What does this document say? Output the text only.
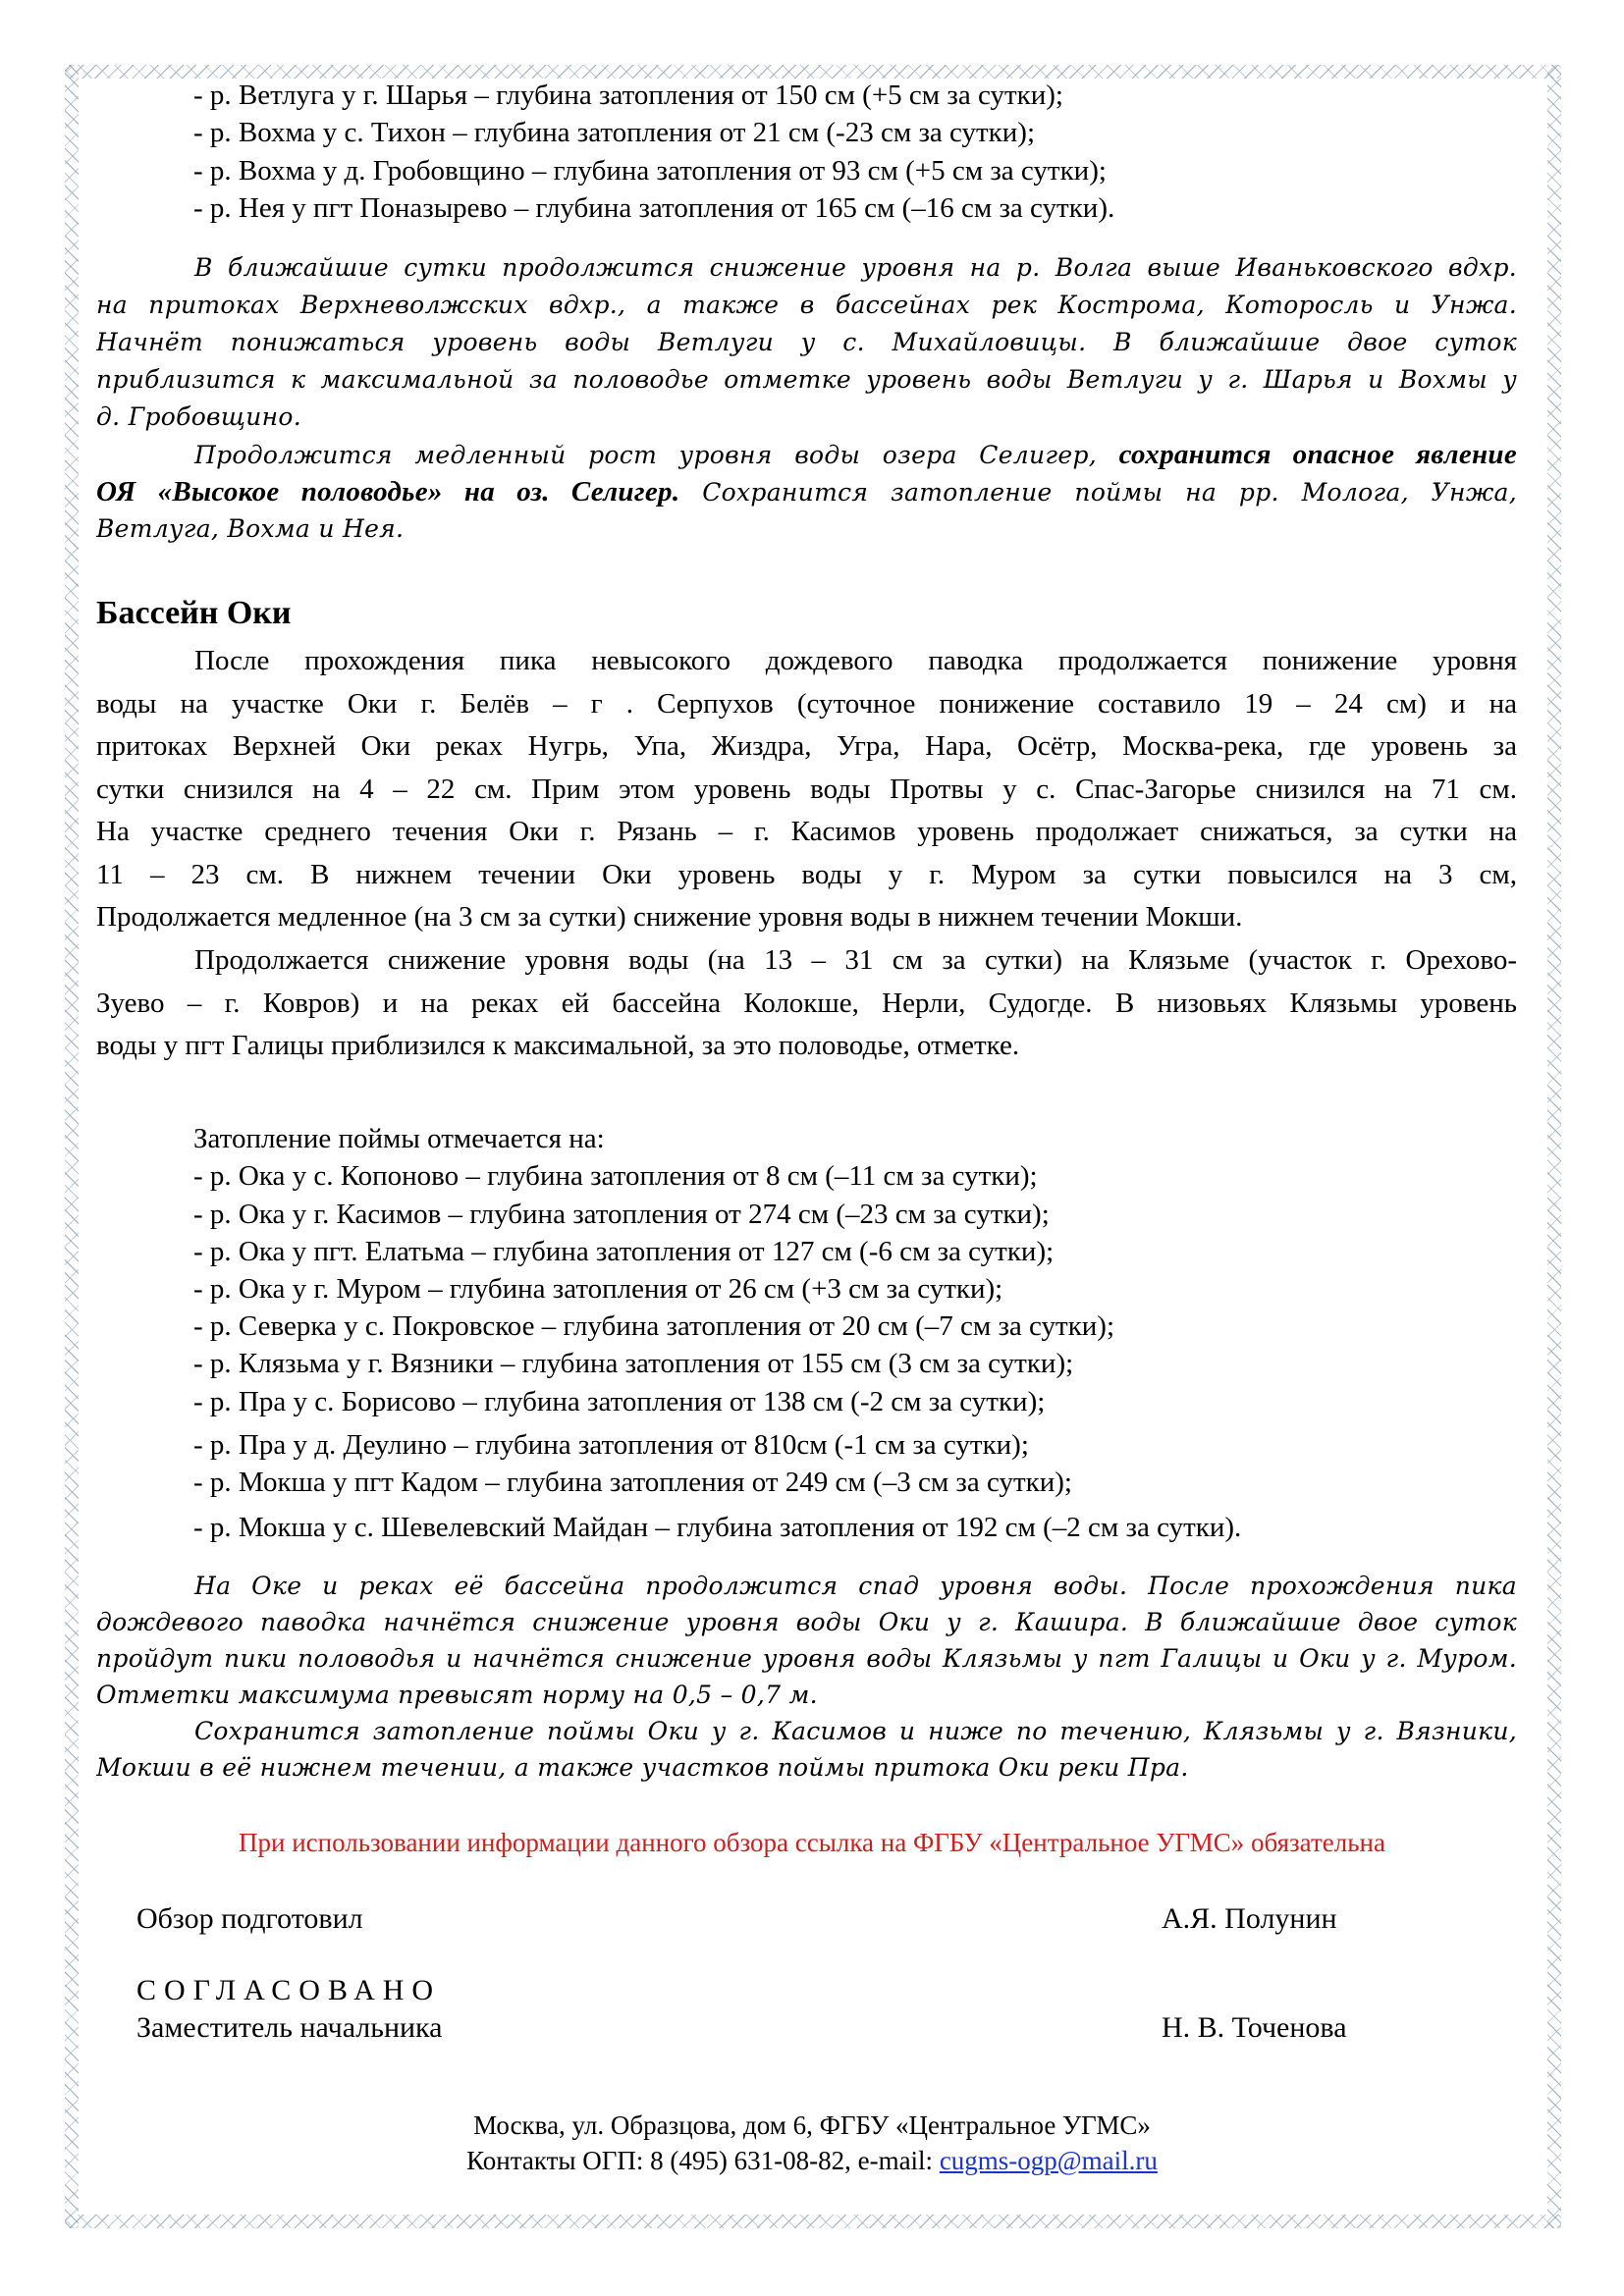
- р. Ветлуга у г. Шарья – глубина затопления от 150 см (+5 см за сутки);
- р. Вохма у с. Тихон – глубина затопления от 21 см (-23 см за сутки);
- р. Вохма у д. Гробовщино – глубина затопления от 93 см (+5 см за сутки);
- р. Нея у пгт Поназырево – глубина затопления от 165 см (–16 см за сутки).
В ближайшие сутки продолжится снижение уровня на р. Волга выше Иваньковского вдхр.
на притоках Верхневолжских вдхр., а также в бассейнах рек Кострома, Которосль и Унжа.
Начнёт понижаться уровень воды Ветлуги у с. Михайловицы. В ближайшие двое суток
приблизится к максимальной за половодье отметке уровень воды Ветлуги у г. Шарья и Вохмы у
д. Гробовщино.
Продолжится медленный рост уровня воды озера Селигер, сохранится опасное явление
ОЯ «Высокое половодье» на оз. Селигер. Сохранится затопление поймы на рр. Молога, Унжа,
Ветлуга, Вохма и Нея.
Бассейн Оки
После прохождения пика невысокого дождевого паводка продолжается понижение уровня
воды на участке Оки г. Белёв – г . Серпухов (суточное понижение составило 19 – 24 см) и на
притоках Верхней Оки реках Нугрь, Упа, Жиздра, Угра, Нара, Осётр, Москва-река, где уровень за
сутки снизился на 4 – 22 см. Прим этом уровень воды Протвы у с. Спас-Загорье снизился на 71 см.
На участке среднего течения Оки г. Рязань – г. Касимов уровень продолжает снижаться, за сутки на
11 – 23 см. В нижнем течении Оки уровень воды у г. Муром за сутки повысился на 3 см,
Продолжается медленное (на 3 см за сутки) снижение уровня воды в нижнем течении Мокши.
Продолжается снижение уровня воды (на 13 – 31 см за сутки) на Клязьме (участок г. Орехово-
Зуево – г. Ковров) и на реках ей бассейна Колокше, Нерли, Судогде. В низовьях Клязьмы уровень
воды у пгт Галицы приблизился к максимальной, за это половодье, отметке.
Затопление поймы отмечается на:
- р. Ока у с. Копоново – глубина затопления от 8 см (–11 см за сутки);
- р. Ока у г. Касимов – глубина затопления от 274 см (–23 см за сутки);
- р. Ока у пгт. Елатьма – глубина затопления от 127 см (-6 см за сутки);
- р. Ока у г. Муром – глубина затопления от 26 см (+3 см за сутки);
- р. Северка у с. Покровское – глубина затопления от 20 см (–7 см за сутки);
- р. Клязьма у г. Вязники – глубина затопления от 155 см (3 см за сутки);
- р. Пра у с. Борисово – глубина затопления от 138 см (-2 см за сутки);
- р. Пра у д. Деулино – глубина затопления от 810см (-1 см за сутки);
- р. Мокша у пгт Кадом – глубина затопления от 249 см (–3 см за сутки);
- р. Мокша у с. Шевелевский Майдан – глубина затопления от 192 см (–2 см за сутки).
На Оке и реках её бассейна продолжится спад уровня воды. После прохождения пика
дождевого паводка начнётся снижение уровня воды Оки у г. Кашира. В ближайшие двое суток
пройдут пики половодья и начнётся снижение уровня воды Клязьмы у пгт Галицы и Оки у г. Муром.
Отметки максимума превысят норму на 0,5 – 0,7 м.
Сохранится затопление поймы Оки у г. Касимов и ниже по течению, Клязьмы у г. Вязники,
Мокши в её нижнем течении, а также участков поймы притока Оки реки Пра.
При использовании информации данного обзора ссылка на ФГБУ «Центральное УГМС» обязательна
Обзор подготовил	А.Я. Полунин
СОГЛАСОВАНО
Заместитель начальника	Н. В. Точенова
Москва, ул. Образцова, дом 6, ФГБУ «Центральное УГМС»
Контакты ОГП: 8 (495) 631-08-82, e-mail: cugms-ogp@mail.ru
